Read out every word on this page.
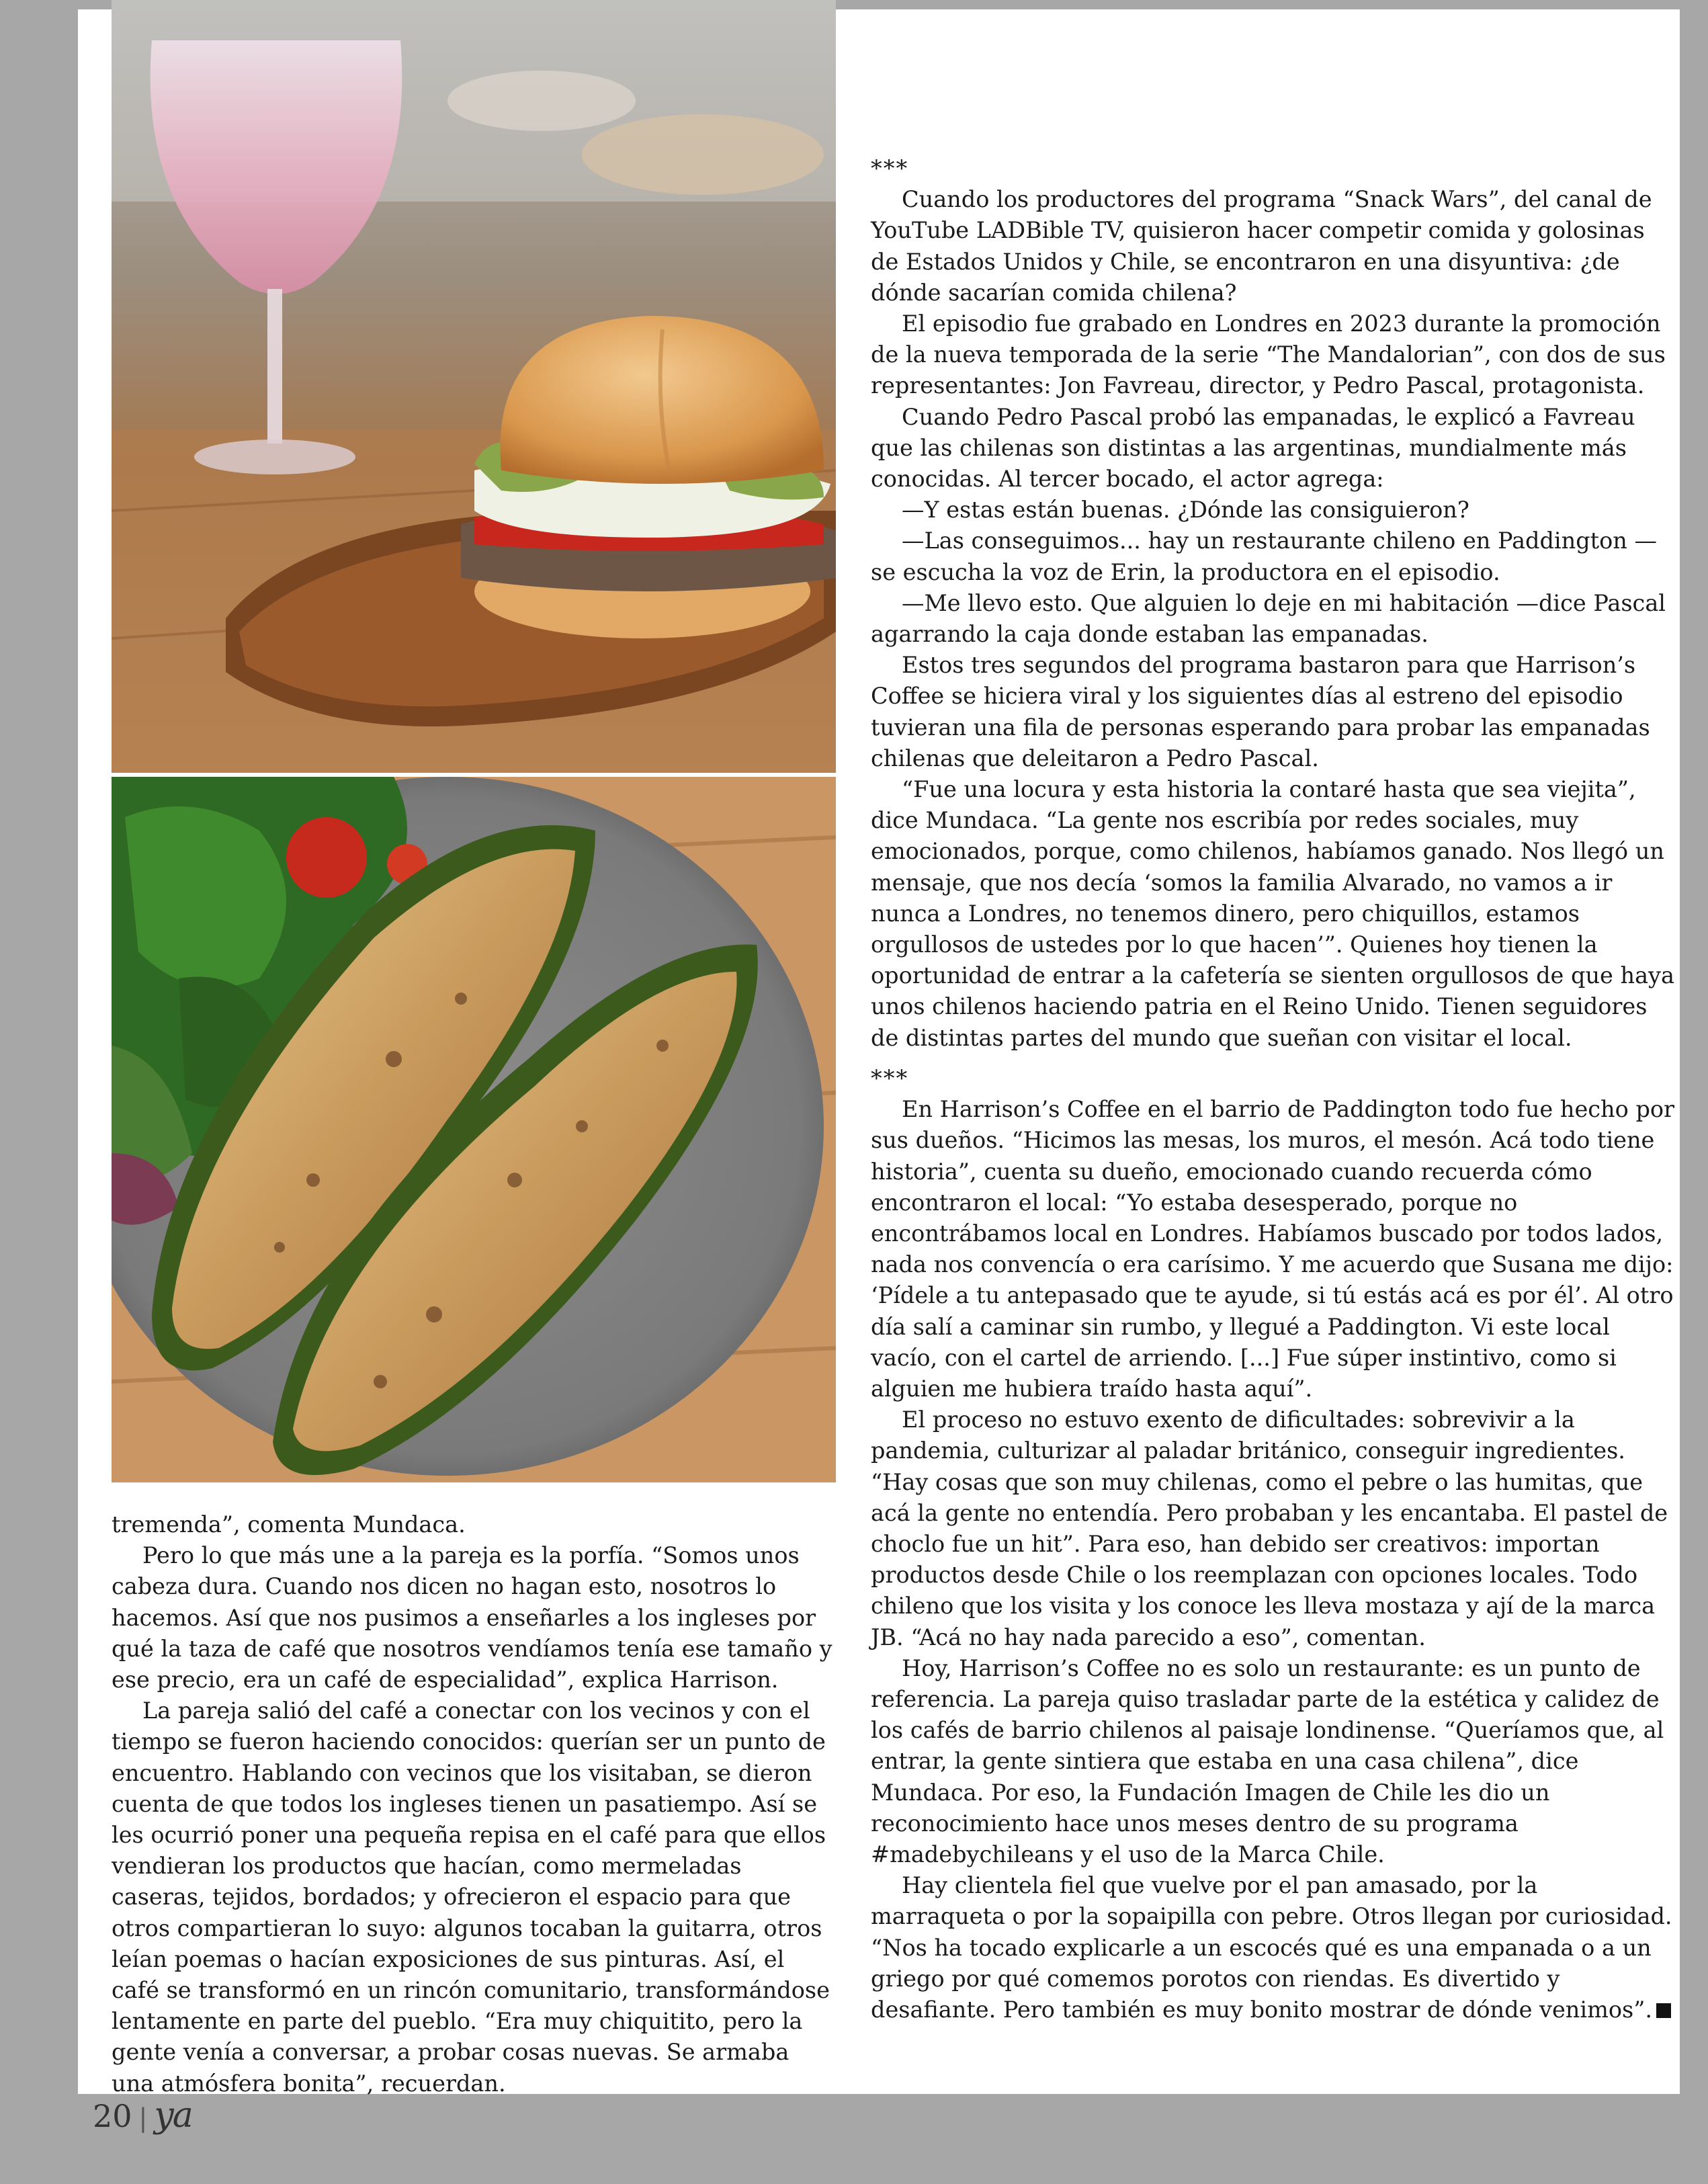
tremenda”, comenta Mundaca.

Pero lo que más une a la pareja es la porfía. “Somos unos cabeza dura. Cuando nos dicen no hagan esto, nosotros lo hacemos. Así que nos pusimos a enseñarles a los ingleses por qué la taza de café que nosotros vendíamos tenía ese tamaño y ese precio, era un café de especialidad”, explica Harrison.

La pareja salió del café a conectar con los vecinos y con el tiempo se fueron haciendo conocidos: querían ser un punto de encuentro. Hablando con vecinos que los visitaban, se dieron cuenta de que todos los ingleses tienen un pasatiempo. Así se les ocurrió poner una pequeña repisa en el café para que ellos vendieran los productos que hacían, como mermeladas caseras, tejidos, bordados; y ofrecieron el espacio para que otros compartieran lo suyo: algunos tocaban la guitarra, otros leían poemas o hacían exposiciones de sus pinturas. Así, el café se transformó en un rincón comunitario, transformándose lentamente en parte del pueblo. “Era muy chiquitito, pero la gente venía a conversar, a probar cosas nuevas. Se armaba una atmósfera bonita”, recuerdan.

***

Cuando los productores del programa “Snack Wars”, del canal de YouTube LADBible TV, quisieron hacer competir comida y golosinas de Estados Unidos y Chile, se encontraron en una disyuntiva: ¿de dónde sacarían comida chilena?

El episodio fue grabado en Londres en 2023 durante la promoción de la nueva temporada de la serie “The Mandalorian”, con dos de sus representantes: Jon Favreau, director, y Pedro Pascal, protagonista.

Cuando Pedro Pascal probó las empanadas, le explicó a Favreau que las chilenas son distintas a las argentinas, mundialmente más conocidas. Al tercer bocado, el actor agrega:

—Y estas están buenas. ¿Dónde las consiguieron?

—Las conseguimos... hay un restaurante chileno en Paddington —se escucha la voz de Erin, la productora en el episodio.

—Me llevo esto. Que alguien lo deje en mi habitación —dice Pascal agarrando la caja donde estaban las empanadas.

Estos tres segundos del programa bastaron para que Harrison’s Coffee se hiciera viral y los siguientes días al estreno del episodio tuvieran una fila de personas esperando para probar las empanadas chilenas que deleitaron a Pedro Pascal.

“Fue una locura y esta historia la contaré hasta que sea viejita”, dice Mundaca. “La gente nos escribía por redes sociales, muy emocionados, porque, como chilenos, habíamos ganado. Nos llegó un mensaje, que nos decía ‘somos la familia Alvarado, no vamos a ir nunca a Londres, no tenemos dinero, pero chiquillos, estamos orgullosos de ustedes por lo que hacen’”. Quienes hoy tienen la oportunidad de entrar a la cafetería se sienten orgullosos de que haya unos chilenos haciendo patria en el Reino Unido. Tienen seguidores de distintas partes del mundo que sueñan con visitar el local.

***

En Harrison’s Coffee en el barrio de Paddington todo fue hecho por sus dueños. “Hicimos las mesas, los muros, el mesón. Acá todo tiene historia”, cuenta su dueño, emocionado cuando recuerda cómo encontraron el local: “Yo estaba desesperado, porque no encontrábamos local en Londres. Habíamos buscado por todos lados, nada nos convencía o era carísimo. Y me acuerdo que Susana me dijo: ‘Pídele a tu antepasado que te ayude, si tú estás acá es por él’. Al otro día salí a caminar sin rumbo, y llegué a Paddington. Vi este local vacío, con el cartel de arriendo. [...] Fue súper instintivo, como si alguien me hubiera traído hasta aquí”.

El proceso no estuvo exento de dificultades: sobrevivir a la pandemia, culturizar al paladar británico, conseguir ingredientes. “Hay cosas que son muy chilenas, como el pebre o las humitas, que acá la gente no entendía. Pero probaban y les encantaba. El pastel de choclo fue un hit”. Para eso, han debido ser creativos: importan productos desde Chile o los reemplazan con opciones locales. Todo chileno que los visita y los conoce les lleva mostaza y ají de la marca JB. “Acá no hay nada parecido a eso”, comentan.

Hoy, Harrison’s Coffee no es solo un restaurante: es un punto de referencia. La pareja quiso trasladar parte de la estética y calidez de los cafés de barrio chilenos al paisaje londinense. “Queríamos que, al entrar, la gente sintiera que estaba en una casa chilena”, dice Mundaca. Por eso, la Fundación Imagen de Chile les dio un reconocimiento hace unos meses dentro de su programa #madebychileans y el uso de la Marca Chile.

Hay clientela fiel que vuelve por el pan amasado, por la marraqueta o por la sopaipilla con pebre. Otros llegan por curiosidad. “Nos ha tocado explicarle a un escocés qué es una empanada o a un griego por qué comemos porotos con riendas. Es divertido y desafiante. Pero también es muy bonito mostrar de dónde venimos”.

20 | ya
